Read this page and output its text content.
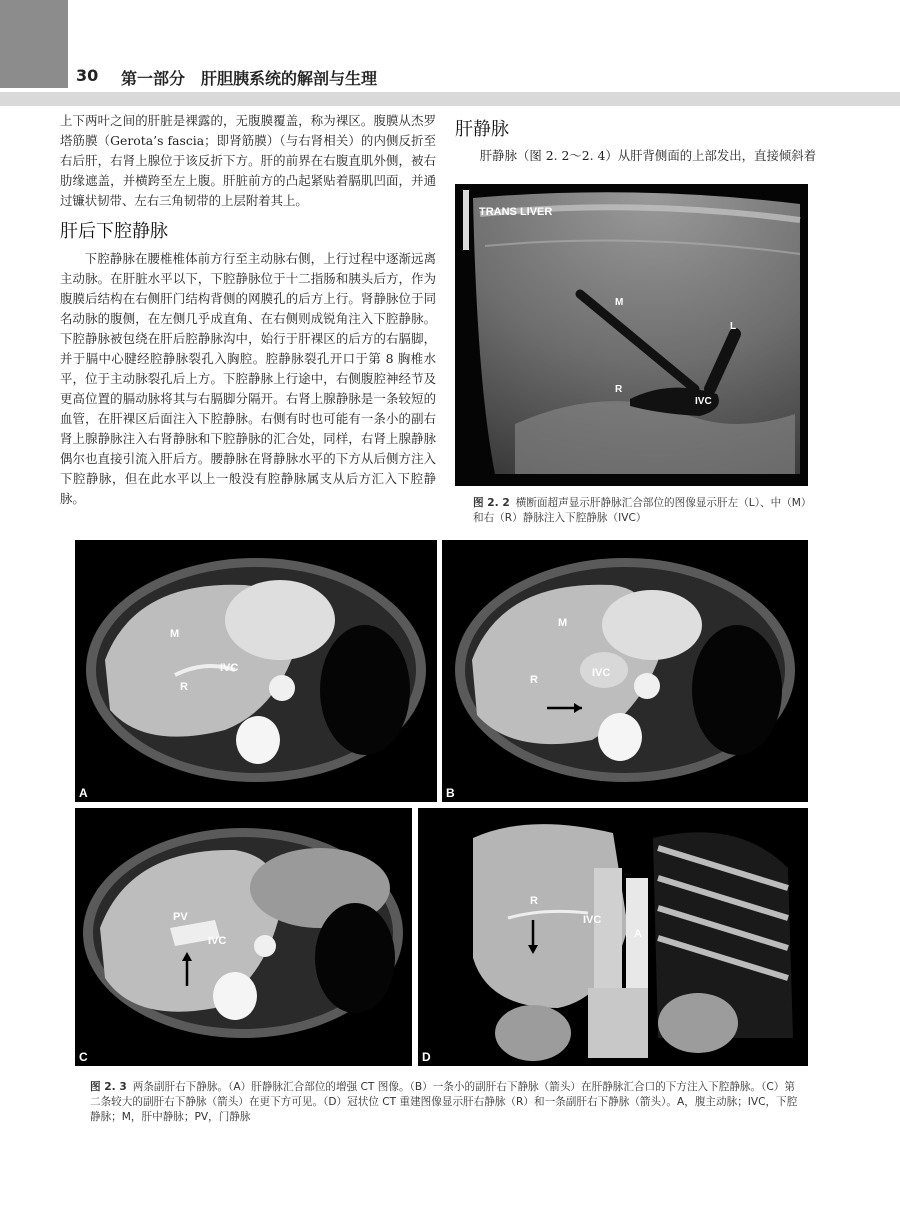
30 第一部分　肝胆胰系统的解剖与生理

上下两叶之间的肝脏是裸露的，无腹膜覆盖，称为裸区。腹膜从杰罗塔筋膜（Gerota’s fascia；即肾筋膜）（与右肾相关）的内侧反折至右后肝，右肾上腺位于该反折下方。肝的前界在右腹直肌外侧，被右肋缘遮盖，并横跨至左上腹。肝脏前方的凸起紧贴着膈肌凹面，并通过镰状韧带、左右三角韧带的上层附着其上。

肝后下腔静脉

下腔静脉在腰椎椎体前方行至主动脉右侧，上行过程中逐渐远离主动脉。在肝脏水平以下，下腔静脉位于十二指肠和胰头后方，作为腹膜后结构在右侧肝门结构背侧的网膜孔的后方上行。肾静脉位于同名动脉的腹侧，在左侧几乎成直角、在右侧则成锐角注入下腔静脉。下腔静脉被包绕在肝后腔静脉沟中，始行于肝裸区的后方的右膈脚，并于膈中心腱经腔静脉裂孔入胸腔。腔静脉裂孔开口于第 8 胸椎水平，位于主动脉裂孔后上方。下腔静脉上行途中，右侧腹腔神经节及更高位置的膈动脉将其与右膈脚分隔开。右肾上腺静脉是一条较短的血管，在肝裸区后面注入下腔静脉。右侧有时也可能有一条小的副右肾上腺静脉注入右肾静脉和下腔静脉的汇合处，同样，右肾上腺静脉偶尔也直接引流入肝后方。腰静脉在肾静脉水平的下方从后侧方注入下腔静脉，但在此水平以上一般没有腔静脉属支从后方汇入下腔静脉。

肝静脉
肝静脉（图 2. 2～2. 4）从肝背侧面的上部发出，直接倾斜着
TRANS LIVER
M
L
R
IVC
图 2. 2 横断面超声显示肝静脉汇合部位的图像显示肝左（L）、中（M）和右（R）静脉注入下腔静脉（IVC）
M
IVC
R
A
M
IVC
R
B
PV
IVC
C
R
IVC
A
D
图 2. 3 两条副肝右下静脉。（A）肝静脉汇合部位的增强 CT 图像。（B）一条小的副肝右下静脉（箭头）在肝静脉汇合口的下方注入下腔静脉。（C）第二条较大的副肝右下静脉（箭头）在更下方可见。（D）冠状位 CT 重建图像显示肝右静脉（R）和一条副肝右下静脉（箭头）。A，腹主动脉；IVC，下腔静脉；M，肝中静脉；PV，门静脉
